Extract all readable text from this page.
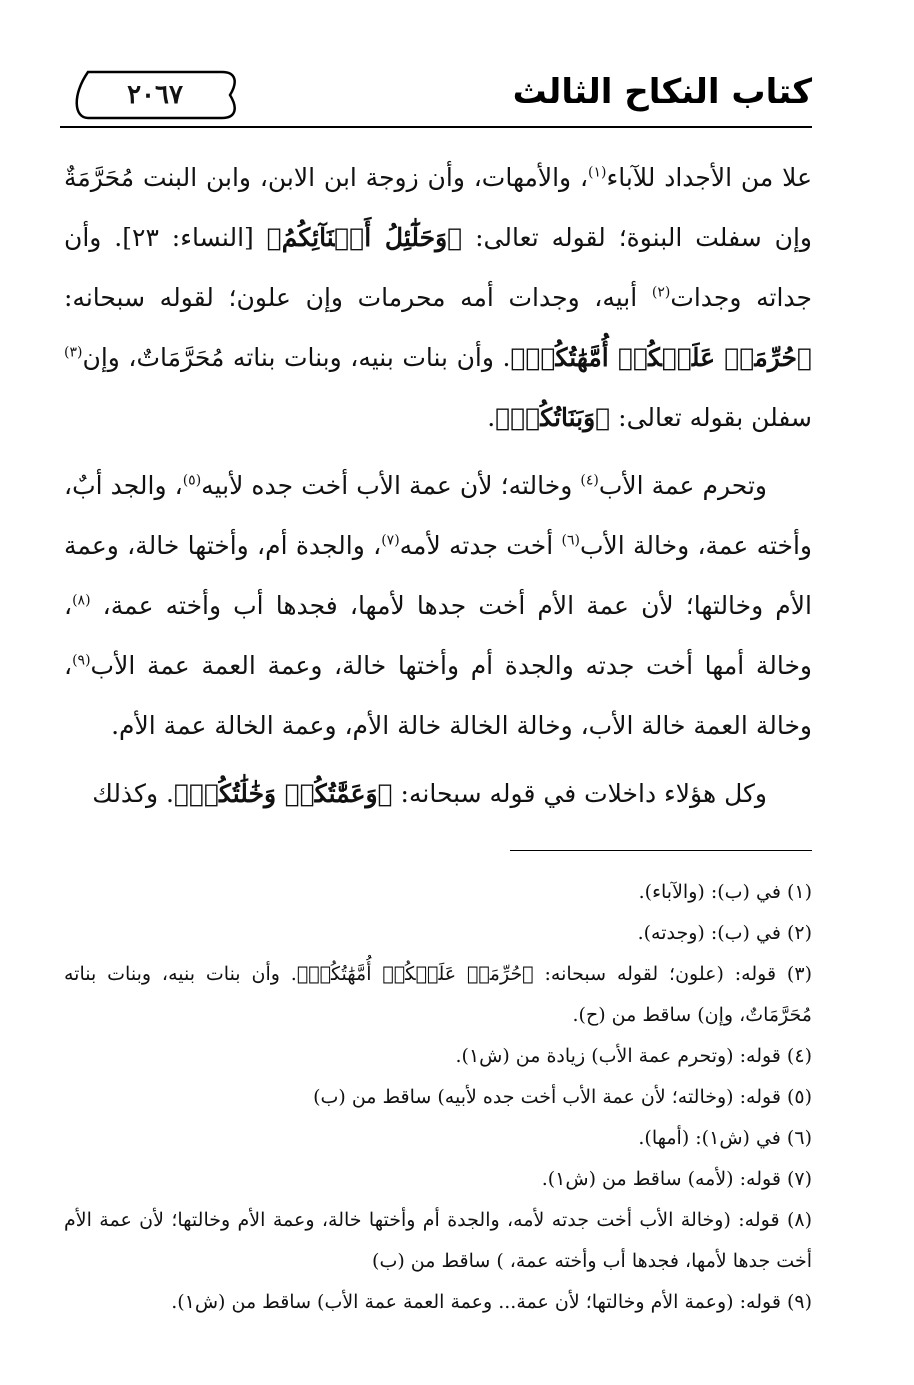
كتاب النكاح الثالث
٢٠٦٧

علا من الأجداد للآباء$^{(١)}$، والأمهات، وأن زوجة ابن الابن، وابن البنت مُحَرَّمَةٌ وإن سفلت البنوة؛ لقوله تعالى: ﴿وَحَلَٰٓئِلُ أَبۡنَآئِكُمُ﴾ [النساء: ٢٣]. وأن جداته وجدات$^{(٢)}$ أبيه، وجدات أمه محرمات وإن علون؛ لقوله سبحانه: ﴿حُرِّمَتۡ عَلَيۡكُمۡ أُمَّهَٰتُكُمۡ﴾. وأن بنات بنيه، وبنات بناته مُحَرَّمَاتٌ، وإن$^{(٣)}$ سفلن بقوله تعالى: ﴿وَبَنَاتُكُمۡ﴾.

وتحرم عمة الأب$^{(٤)}$ وخالته؛ لأن عمة الأب أخت جده لأبيه$^{(٥)}$، والجد أبٌ، وأخته عمة، وخالة الأب$^{(٦)}$ أخت جدته لأمه$^{(٧)}$، والجدة أم، وأختها خالة، وعمة الأم وخالتها؛ لأن عمة الأم أخت جدها لأمها، فجدها أب وأخته عمة، $^{(٨)}$، وخالة أمها أخت جدته والجدة أم وأختها خالة، وعمة العمة عمة الأب$^{(٩)}$، وخالة العمة خالة الأب، وخالة الخالة خالة الأم، وعمة الخالة عمة الأم.

وكل هؤلاء داخلات في قوله سبحانه: ﴿وَعَمَّٰتُكُمۡ وَخَٰلَٰتُكُمۡ﴾. وكذلك

(١) في (ب): (والآباء).

(٢) في (ب): (وجدته).

(٣) قوله: (علون؛ لقوله سبحانه: ﴿حُرِّمَتۡ عَلَيۡكُمۡ أُمَّهَٰتُكُمۡ﴾. وأن بنات بنيه، وبنات بناته مُحَرَّمَاتٌ، وإن) ساقط من (ح).

(٤) قوله: (وتحرم عمة الأب) زيادة من (ش١).

(٥) قوله: (وخالته؛ لأن عمة الأب أخت جده لأبيه) ساقط من (ب)

(٦) في (ش١): (أمها).

(٧) قوله: (لأمه) ساقط من (ش١).

(٨) قوله: (وخالة الأب أخت جدته لأمه، والجدة أم وأختها خالة، وعمة الأم وخالتها؛ لأن عمة الأم أخت جدها لأمها، فجدها أب وأخته عمة، ) ساقط من (ب)

(٩) قوله: (وعمة الأم وخالتها؛ لأن عمة... وعمة العمة عمة الأب) ساقط من (ش١).
